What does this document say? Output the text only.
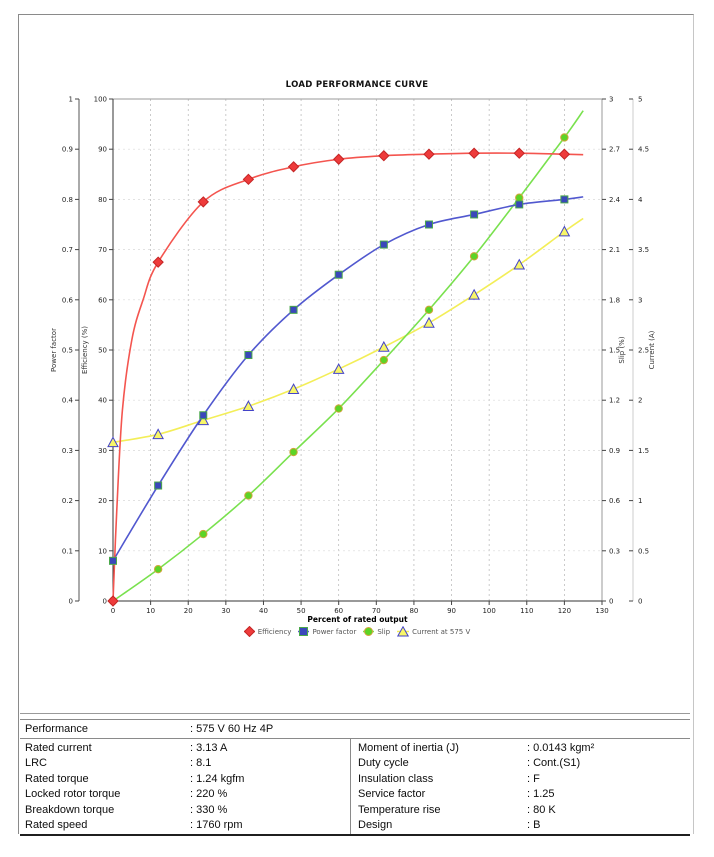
LOAD PERFORMANCE CURVE
0
0.1
0.2
0.3
0.4
0.5
0.6
0.7
0.8
0.9
1
Power factor
0
10
20
30
40
50
60
70
80
90
100
Efficiency (%)
0
0.3
0.6
0.9
1.2
1.5
1.8
2.1
2.4
2.7
3
Slip (%)
0
0.5
1
1.5
2
2.5
3
3.5
4
4.5
5
Current (A)
0	10	20	30	40	50	60	70	80	90	100	110	120	130
Percent of rated output
Efficiency	Power factor	Slip	Current at 575 V
Performance	: 575 V 60 Hz 4P
Rated current	: 3.13 A	Moment of inertia (J)	: 0.0143 kgm²
LRC	: 8.1	Duty cycle	: Cont.(S1)
Rated torque	: 1.24 kgfm	Insulation class	: F
Locked rotor torque	: 220 %	Service factor	: 1.25
Breakdown torque	: 330 %	Temperature rise	: 80 K
Rated speed	: 1760 rpm	Design	: B
